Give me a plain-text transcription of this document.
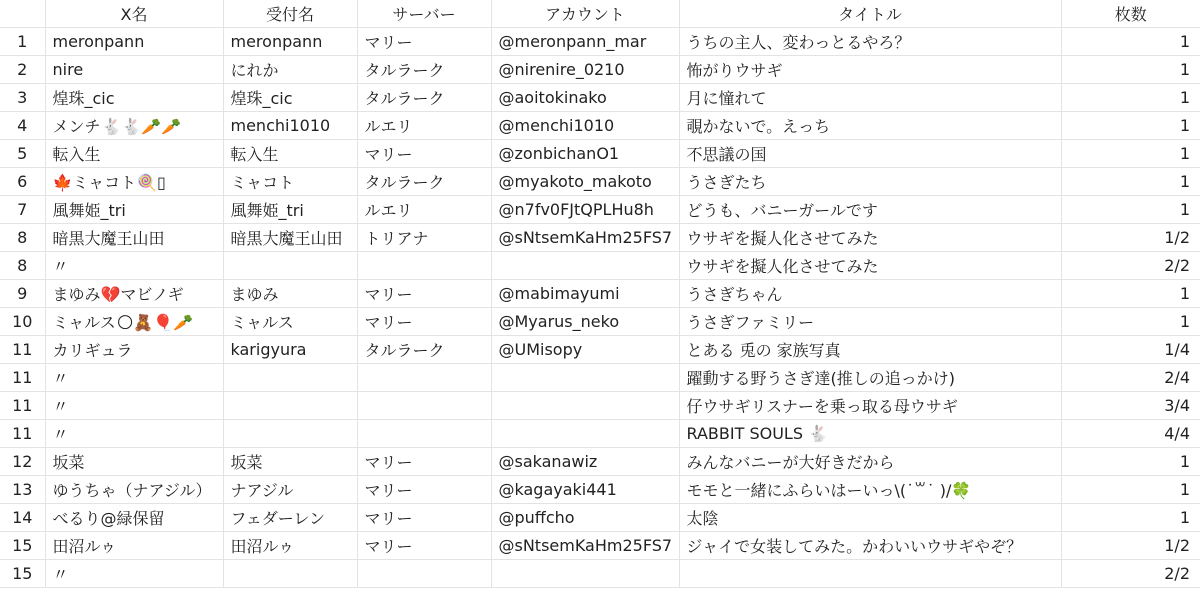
	X名	受付名	サーバー	アカウント	タイトル	枚数
1	meronpann	meronpann	マリー	@meronpann_mar	うちの主人、変わっとるやろ？	1
2	nire	にれか	タルラーク	@nirenire_0210	怖がりウサギ	1
3	煌珠_cic	煌珠_cic	タルラーク	@aoitokinako	月に憧れて	1
4	メンチ🐇🐇🥕🥕	menchi1010	ルエリ	@menchi1010	覗かないで。えっち	1
5	転入生	転入生	マリー	@zonbichanO1	不思議の国	1
6	🍁ミャコト🍭▯	ミャコト	タルラーク	@myakoto_makoto	うさぎたち	1
7	風舞姫_tri	風舞姫_tri	ルエリ	@n7fv0FJtQPLHu8h	どうも、バニーガールです	1
8	暗黒大魔王山田	暗黒大魔王山田	トリアナ	@sNtsemKaHm25FS7	ウサギを擬人化させてみた	1/2
8	〃				ウサギを擬人化させてみた	2/2
9	まゆみ💔マビノギ	まゆみ	マリー	@mabimayumi	うさぎちゃん	1
10	ミャルス🌕🧸🎈🥕	ミャルス	マリー	@Myarus_neko	うさぎファミリー	1
11	カリギュラ	karigyura	タルラーク	@UMisopy	とある 兎の 家族写真	1/4
11	〃				躍動する野うさぎ達(推しの追っかけ)	2/4
11	〃				仔ウサギリスナーを乗っ取る母ウサギ	3/4
11	〃				RABBIT SOULS 🐇	4/4
12	坂菜	坂菜	マリー	@sakanawiz	みんなバニーが大好きだから	1
13	ゆうちゃ（ナアジル）	ナアジル	マリー	@kagayaki441	モモと一緒にふらいはーいっ\(˙꒳˙ )/🍀	1
14	べるり@緑保留	フェダーレン	マリー	@puffcho	太陰	1
15	田沼ルゥ	田沼ルゥ	マリー	@sNtsemKaHm25FS7	ジャイで女装してみた。かわいいウサギやぞ？	1/2
15	〃					2/2
